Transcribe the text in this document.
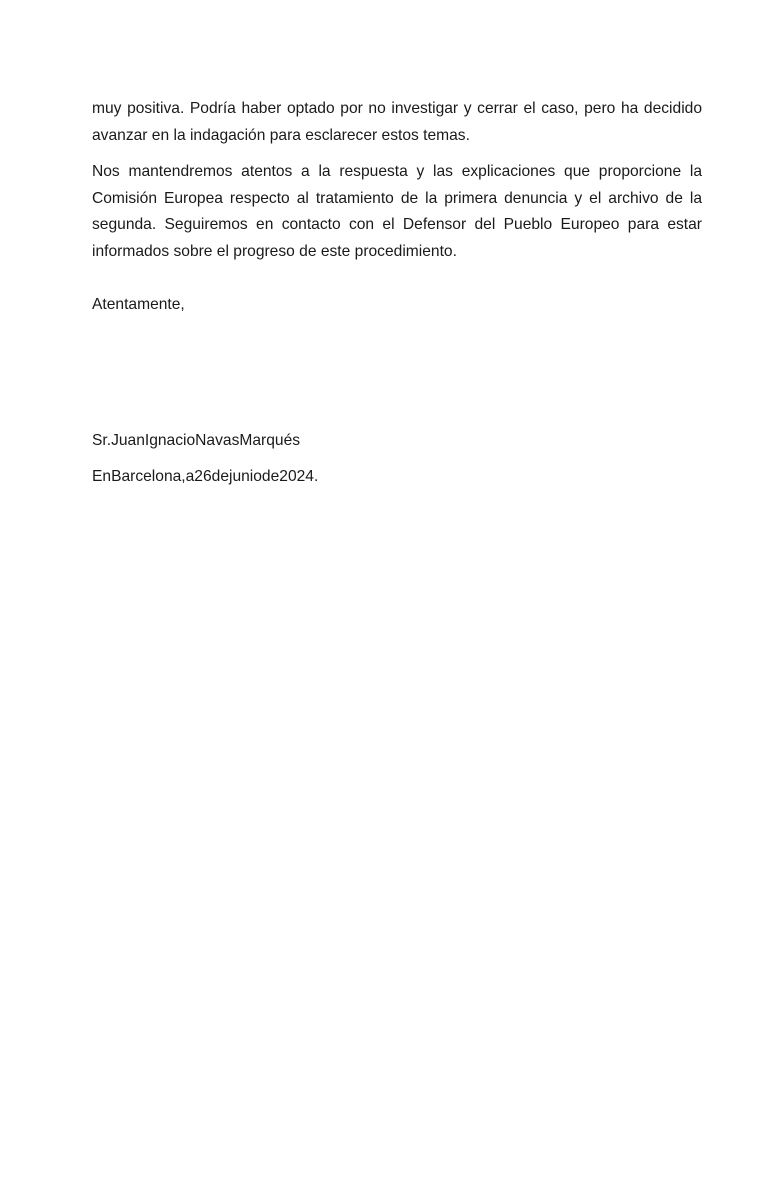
muy positiva. Podría haber optado por no investigar y cerrar el caso, pero ha decidido avanzar en la indagación para esclarecer estos temas.

Nos mantendremos atentos a la respuesta y las explicaciones que proporcione la Comisión Europea respecto al tratamiento de la primera denuncia y el archivo de la segunda. Seguiremos en contacto con el Defensor del Pueblo Europeo para estar informados sobre el progreso de este procedimiento.

Atentamente,

Sr.JuanIgnacioNavasMarqués

EnBarcelona,a26dejuniode2024.
